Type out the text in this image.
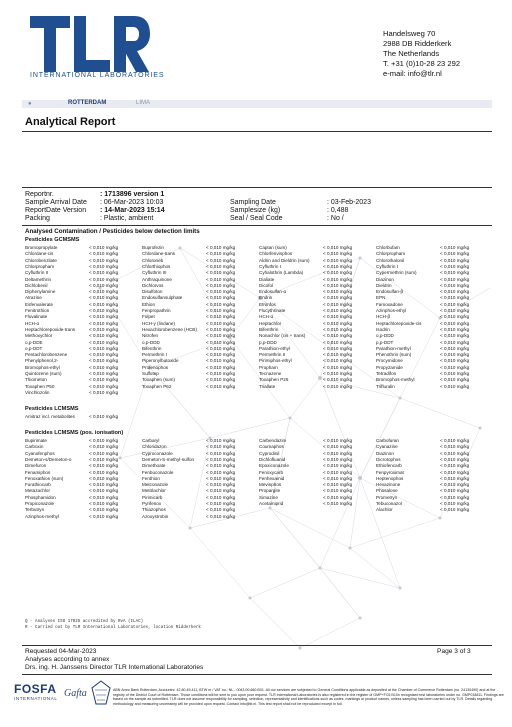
INTERNATIONAL LABORATORIES
Handelsweg 70
2988 DB Ridderkerk
The Netherlands
T. +31 (0)10-28 23 292
e-mail: info@tlr.nl
●	ROTTERDAM	LIMA
Analytical Report
Reportnr.	: 1713896 version 1
Sample Arrival Date : 06-Mar-2023 10:03
ReportDate Version : 14-Mar-2023 15:14
Packing	: Plastic, ambient
Sampling Date	: 03-Feb-2023
Samplesize (kg)	: 0,488
Seal / Seal Code	: No /
Analysed Contamination / Pesticides below detection limits
Pesticides GCMSMS
Bromopropylate	< 0,010 mg/kg
Chlordane-cis	< 0,010 mg/kg
Chlorobenzilate	< 0,010 mg/kg
Chlorpropham	< 0,010 mg/kg
Cyfluthrin II	< 0,010 mg/kg
Deltamethrin	< 0,010 mg/kg
Dichlobenil	< 0,010 mg/kg
Diphenylamine	< 0,010 mg/kg
Atrazine	< 0,010 mg/kg
Esfenvalerate	< 0,010 mg/kg
Fenitrothion	< 0,010 mg/kg
Fluvalinate	< 0,010 mg/kg
HCH-α	< 0,010 mg/kg
Heptachlorepoxide-trans	< 0,010 mg/kg
Methoxychlor	< 0,010 mg/kg
o,p-DDE	< 0,010 mg/kg
o,p-DDT	< 0,010 mg/kg
Pentachlorobenzene	< 0,010 mg/kg
Phenylphenol,2-	< 0,010 mg/kg
Bromophos-ethyl	< 0,010 mg/kg
Quintozene (sum)	< 0,010 mg/kg
Thiometon	< 0,010 mg/kg
Toxaphen P50	< 0,010 mg/kg
Vinchlozolin	< 0,010 mg/kg
Buprofezin	< 0,010 mg/kg
Chlordane-trans	< 0,010 mg/kg
Chloroneb	< 0,010 mg/kg
Chlorthiophos	< 0,010 mg/kg
Cyfluthrin III	< 0,010 mg/kg
Anthraquinone	< 0,010 mg/kg
Dichlorvos	< 0,010 mg/kg
Disulfoton	< 0,010 mg/kg
Endosulfansulphate	< 0,010 mg/kg
Ethion	< 0,010 mg/kg
Fenpropathrin	< 0,010 mg/kg
Folpet	< 0,010 mg/kg
HCH-γ (lindane)	< 0,010 mg/kg
Hexachlorobenzene (HCB) < 0,010 mg/kg
Nitrofen	< 0,010 mg/kg
o,p-DDD	< 0,010 mg/kg
Bifenthrin	< 0,010 mg/kg
Permethrin I	< 0,010 mg/kg
Piperonylbutoxide	< 0,010 mg/kg
Profenophos	< 0,010 mg/kg
Sulfotep	< 0,010 mg/kg
Toxaphen (sum)	< 0,010 mg/kg
Toxaphen P62	< 0,010 mg/kg
Captan (sum)	< 0,010 mg/kg
Chlorfenvinphos	< 0,010 mg/kg
Aldrin and Dieldrin (sum)	< 0,010 mg/kg
Cyfluthrin I	< 0,010 mg/kg
Cyhalothrin (Lambda)	< 0,010 mg/kg
Dialiate	< 0,010 mg/kg
Dicofol	< 0,010 mg/kg
Endosulfan-α	< 0,010 mg/kg
Endrin	< 0,010 mg/kg
Etrimfos	< 0,010 mg/kg
Flucythrinate	< 0,010 mg/kg
HCH-α	< 0,010 mg/kg
Heptachlor	< 0,010 mg/kg
Bifenthrin	< 0,010 mg/kg
Nonachlor (cis + trans)	< 0,010 mg/kg
p,p-DDD	< 0,010 mg/kg
Parathion-ethyl	< 0,010 mg/kg
Permethrin II	< 0,010 mg/kg
Pirimiphos-ethyl	< 0,010 mg/kg
Propham	< 0,010 mg/kg
Tecnazene	< 0,010 mg/kg
Toxaphen P26	< 0,010 mg/kg
Triallate	< 0,010 mg/kg
Chlorbufam	< 0,010 mg/kg
Chlorpropham	< 0,010 mg/kg
Chlorothalonil	< 0,010 mg/kg
Cyfluthrin I	< 0,010 mg/kg
Cypermethrin (sum)	< 0,010 mg/kg
Diazinon	< 0,010 mg/kg
Dieldrin	< 0,010 mg/kg
Endosulfan-β	< 0,010 mg/kg
EPN	< 0,010 mg/kg
Famoxadone	< 0,010 mg/kg
Azinphos-ethyl	< 0,010 mg/kg
HCH-β	< 0,010 mg/kg
Heptachlorepoxide-cis	< 0,010 mg/kg
Isodrin	< 0,010 mg/kg
o,p-DDD	< 0,010 mg/kg
p,p-DDT	< 0,010 mg/kg
Parathion-methyl	< 0,010 mg/kg
Phenothrin (sum)	< 0,010 mg/kg
Procymidone	< 0,010 mg/kg
Propyzamide	< 0,010 mg/kg
Tetradifon	< 0,010 mg/kg
Bromophos-methyl	< 0,010 mg/kg
Trifluralin	< 0,010 mg/kg
Pesticides LCMSMS
Amitraz incl. metabolites	< 0,010 mg/kg
Pesticides LCMSMS (pos. ionisation)
Bupirimate	< 0,010 mg/kg
Carboxin	< 0,010 mg/kg
Cyanofenphos	< 0,010 mg/kg
Demeton-s/Demeton-o	< 0,010 mg/kg
Dimefuron	< 0,010 mg/kg
Fenamiphos	< 0,010 mg/kg
Fenoxathion (sum)	< 0,010 mg/kg
Furathiocarb	< 0,010 mg/kg
Metazachlor	< 0,010 mg/kg
Phosphamidon	< 0,010 mg/kg
Propiconazole	< 0,010 mg/kg
Terbutryn	< 0,010 mg/kg
Azinphos-methyl	< 0,010 mg/kg
Carbaryl	< 0,010 mg/kg
Chloridazon	< 0,010 mg/kg
Cyproconazole	< 0,010 mg/kg
Demeton-S-methyl-sulfon	< 0,010 mg/kg
Dimethoate	< 0,010 mg/kg
Fenbuconazole	< 0,010 mg/kg
Fenthion	< 0,010 mg/kg
Metconazole	< 0,010 mg/kg
Metolachlor	< 0,010 mg/kg
Pirimicarb	< 0,010 mg/kg
Pyrifenox	< 0,010 mg/kg
Thiazophos	< 0,010 mg/kg
Azoxystrobin	< 0,010 mg/kg
Carbendazim	< 0,010 mg/kg
Coumaphos	< 0,010 mg/kg
Cyprodinil	< 0,010 mg/kg
Dichlofluanid	< 0,010 mg/kg
Epoxiconazole	< 0,010 mg/kg
Fenoxycarb	< 0,010 mg/kg
Fenhexamid	< 0,010 mg/kg
Mevinphos	< 0,010 mg/kg
Propargite	< 0,010 mg/kg
Simazine	< 0,010 mg/kg
Acetamiprid	< 0,010 mg/kg
Carbofuran	< 0,010 mg/kg
Cyanazine	< 0,010 mg/kg
Diazinon	< 0,010 mg/kg
Dicrotophos	< 0,010 mg/kg
Ethiofencarb	< 0,010 mg/kg
Fenpyroximat	< 0,010 mg/kg
Heptenophos	< 0,010 mg/kg
Hexazinone	< 0,010 mg/kg
Phosalone	< 0,010 mg/kg
Prometryn	< 0,010 mg/kg
Tebuconazol	< 0,010 mg/kg
Alachlor	< 0,010 mg/kg
Q - Analyses ISO 17025 accredited by RvA (ILAC)
R - Carried out by TLR International Laboratories, location Ridderkerk
Requested 04-Mar-2023
Analyses according to annex
Drs. ing. H. Janssens Director TLR International Laboratories
Page 3 of 3
FOSFA
INTERNATIONAL Gafta	ABN Amro Bank Rotterdam, Accountnr. 42.80.49.411, BTW nr / VAT no.: NL - 0043.00.660.B01. All our services are subjected to General Conditions applicable as deposited at the Chamber of Commerce Rotterdam (no. 24130490) and at the registry of the District Court of Rotterdam. Those conditions will be sent to you upon your request. TLR International Laboratories is also registered in the register of GMP+FC5 B10n recognised test laboratories under no. GMP018811. Findings are based on the sample as submitted. TLR does not assume responsibility for sampling, selection, representativity and identifications such as codes, markings or product names, unless sampling has been carried out by TLR. Details regarding methodology and measuring uncertainty will be provided upon request. Contact info@tlr.nl. This test report shall not be reproduced except in full.
